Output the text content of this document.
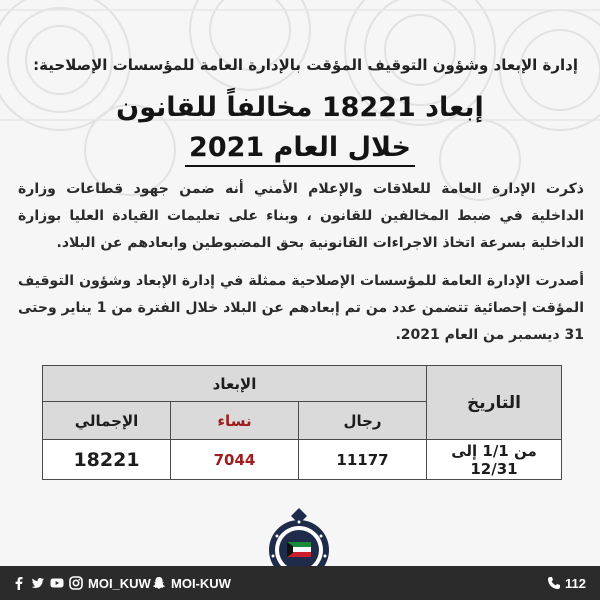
إدارة الإبعاد وشؤون التوقيف المؤقت بالإدارة العامة للمؤسسات الإصلاحية:
إبعاد 18221 مخالفاً للقانون
خلال العام 2021
ذكرت الإدارة العامة للعلاقات والإعلام الأمني أنه ضمن جهود قطاعات وزارة الداخلية في ضبط المخالفين للقانون ، وبناء على تعليمات القيادة العليا بوزارة الداخلية بسرعة اتخاذ الاجراءات القانونية بحق المضبوطين وابعادهم عن البلاد.
أصدرت الإدارة العامة للمؤسسات الإصلاحية ممثلة في إدارة الإبعاد وشؤون التوقيف المؤقت إحصائية تتضمن عدد من تم إبعادهم عن البلاد خلال الفترة من 1 يناير وحتى 31 ديسمبر من العام 2021.
التاريخ	الإبعاد		
	رجال	نساء	الإجمالي
من 1/1 إلى 12/31	11177	7044	18221
MOI_KUW MOI-KUW	112
